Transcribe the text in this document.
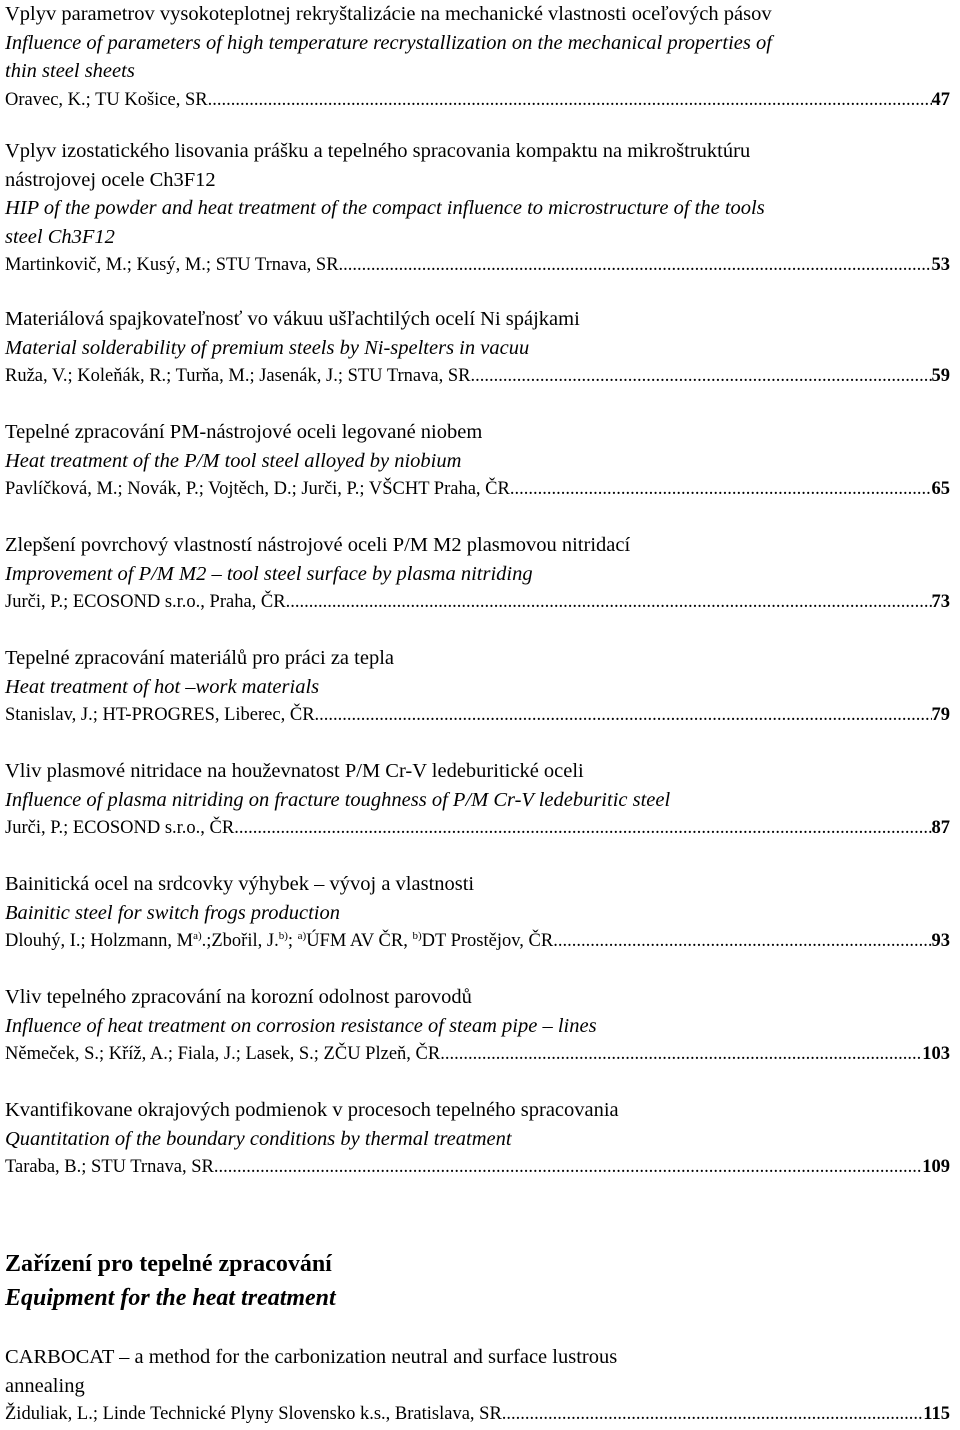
Vplyv parametrov vysokoteplotnej rekryštalizácie na mechanické vlastnosti oceľových pásov
Influence of parameters of high temperature recrystallization on the mechanical properties of
thin steel sheets
Oravec, K.; TU Košice, SR .....	47
Vplyv izostatického lisovania prášku a tepelného spracovania kompaktu na mikroštruktúru
nástrojovej ocele Ch3F12
HIP of the powder and heat treatment of the compact influence to microstructure of the tools
steel Ch3F12
Martinkovič, M.; Kusý, M.; STU Trnava, SR .....	53
Materiálová spajkovateľnosť vo vákuu ušľachtilých ocelí Ni spájkami
Material solderability of premium steels by Ni-spelters in vacuu
Ruža, V.; Koleňák, R.; Turňa, M.; Jasenák, J.; STU Trnava, SR .....	59
Tepelné zpracování PM-nástrojové oceli legované niobem
Heat treatment of the P/M tool steel alloyed by niobium
Pavlíčková, M.; Novák, P.; Vojtěch, D.; Jurči, P.; VŠCHT Praha, ČR .....	65
Zlepšení povrchový vlastností nástrojové oceli P/M M2 plasmovou nitridací
Improvement of P/M M2 – tool steel surface by plasma nitriding
Jurči, P.; ECOSOND s.r.o., Praha, ČR .....	73
Tepelné zpracování materiálů pro práci za tepla
Heat treatment of hot –work materials
Stanislav, J.; HT-PROGRES, Liberec, ČR .....	79
Vliv plasmové nitridace na houževnatost P/M Cr-V ledeburitické oceli
Influence of plasma nitriding on fracture toughness of P/M Cr-V ledeburitic steel
Jurči, P.; ECOSOND s.r.o., ČR .....	87
Bainitická ocel na srdcovky výhybek – vývoj a vlastnosti
Bainitic steel for switch frogs production
Dlouhý, I.; Holzmann, $M^{a)}.;Zbořil$, J.$^{b)}$; $^{a)}$ÚFM AV ČR, $^{b)}$DT Prostějov, ČR .....	93
Vliv tepelného zpracování na korozní odolnost parovodů
Influence of heat treatment on corrosion resistance of steam pipe – lines
Němeček, S.; Kříž, A.; Fiala, J.; Lasek, S.; ZČU Plzeň, ČR .....	103
Kvantifikovane okrajových podmienok v procesoch tepelného spracovania
Quantitation of the boundary conditions by thermal treatment
Taraba, B.; STU Trnava, SR .....	109
Zařízení pro tepelné zpracování
Equipment for the heat treatment
CARBOCAT – a method for the carbonization neutral and surface lustrous
annealing
Židuliak, L.; Linde Technické Plyny Slovensko k.s., Bratislava, SR .....	115
